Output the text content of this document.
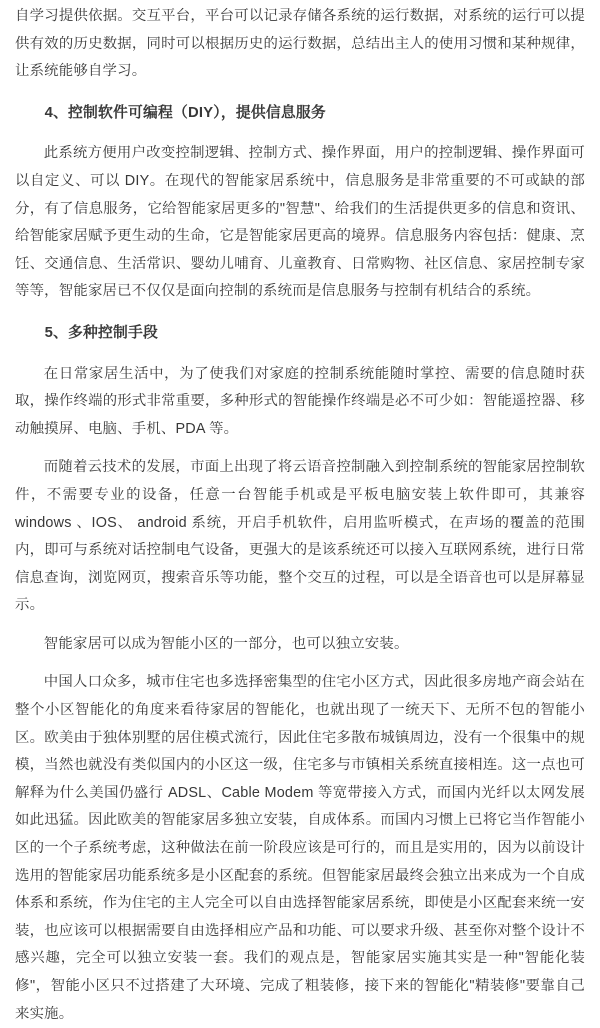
自学习提供依据。交互平台，平台可以记录存储各系统的运行数据，对系统的运行可以提供有效的历史数据，同时可以根据历史的运行数据，总结出主人的使用习惯和某种规律，让系统能够自学习。

4、控制软件可编程（DIY），提供信息服务

此系统方便用户改变控制逻辑、控制方式、操作界面，用户的控制逻辑、操作界面可以自定义、可以 DIY。在现代的智能家居系统中，信息服务是非常重要的不可或缺的部分，有了信息服务，它给智能家居更多的"智慧"、给我们的生活提供更多的信息和资讯、给智能家居赋予更生动的生命，它是智能家居更高的境界。信息服务内容包括：健康、烹饪、交通信息、生活常识、婴幼儿哺育、儿童教育、日常购物、社区信息、家居控制专家等等，智能家居已不仅仅是面向控制的系统而是信息服务与控制有机结合的系统。

5、多种控制手段

在日常家居生活中，为了使我们对家庭的控制系统能随时掌控、需要的信息随时获取，操作终端的形式非常重要，多种形式的智能操作终端是必不可少如：智能遥控器、移动触摸屏、电脑、手机、PDA 等。

而随着云技术的发展，市面上出现了将云语音控制融入到控制系统的智能家居控制软件，不需要专业的设备，任意一台智能手机或是平板电脑安装上软件即可，其兼容 windows 、IOS、 android 系统，开启手机软件，启用监听模式，在声场的覆盖的范围内，即可与系统对话控制电气设备，更强大的是该系统还可以接入互联网系统，进行日常信息查询，浏览网页，搜索音乐等功能，整个交互的过程，可以是全语音也可以是屏幕显示。

智能家居可以成为智能小区的一部分，也可以独立安装。

中国人口众多，城市住宅也多选择密集型的住宅小区方式，因此很多房地产商会站在整个小区智能化的角度来看待家居的智能化，也就出现了一统天下、无所不包的智能小区。欧美由于独体别墅的居住模式流行，因此住宅多散布城镇周边，没有一个很集中的规模，当然也就没有类似国内的小区这一级，住宅多与市镇相关系统直接相连。这一点也可解释为什么美国仍盛行 ADSL、Cable Modem 等宽带接入方式，而国内光纤以太网发展如此迅猛。因此欧美的智能家居多独立安装，自成体系。而国内习惯上已将它当作智能小区的一个子系统考虑，这种做法在前一阶段应该是可行的，而且是实用的，因为以前设计选用的智能家居功能系统多是小区配套的系统。但智能家居最终会独立出来成为一个自成体系和系统，作为住宅的主人完全可以自由选择智能家居系统，即使是小区配套来统一安装，也应该可以根据需要自由选择相应产品和功能、可以要求升级、甚至你对整个设计不感兴趣，完全可以独立安装一套。我们的观点是，智能家居实施其实是一种"智能化装修"，智能小区只不过搭建了大环境、完成了粗装修，接下来的智能化"精装修"要靠自己来实施。
